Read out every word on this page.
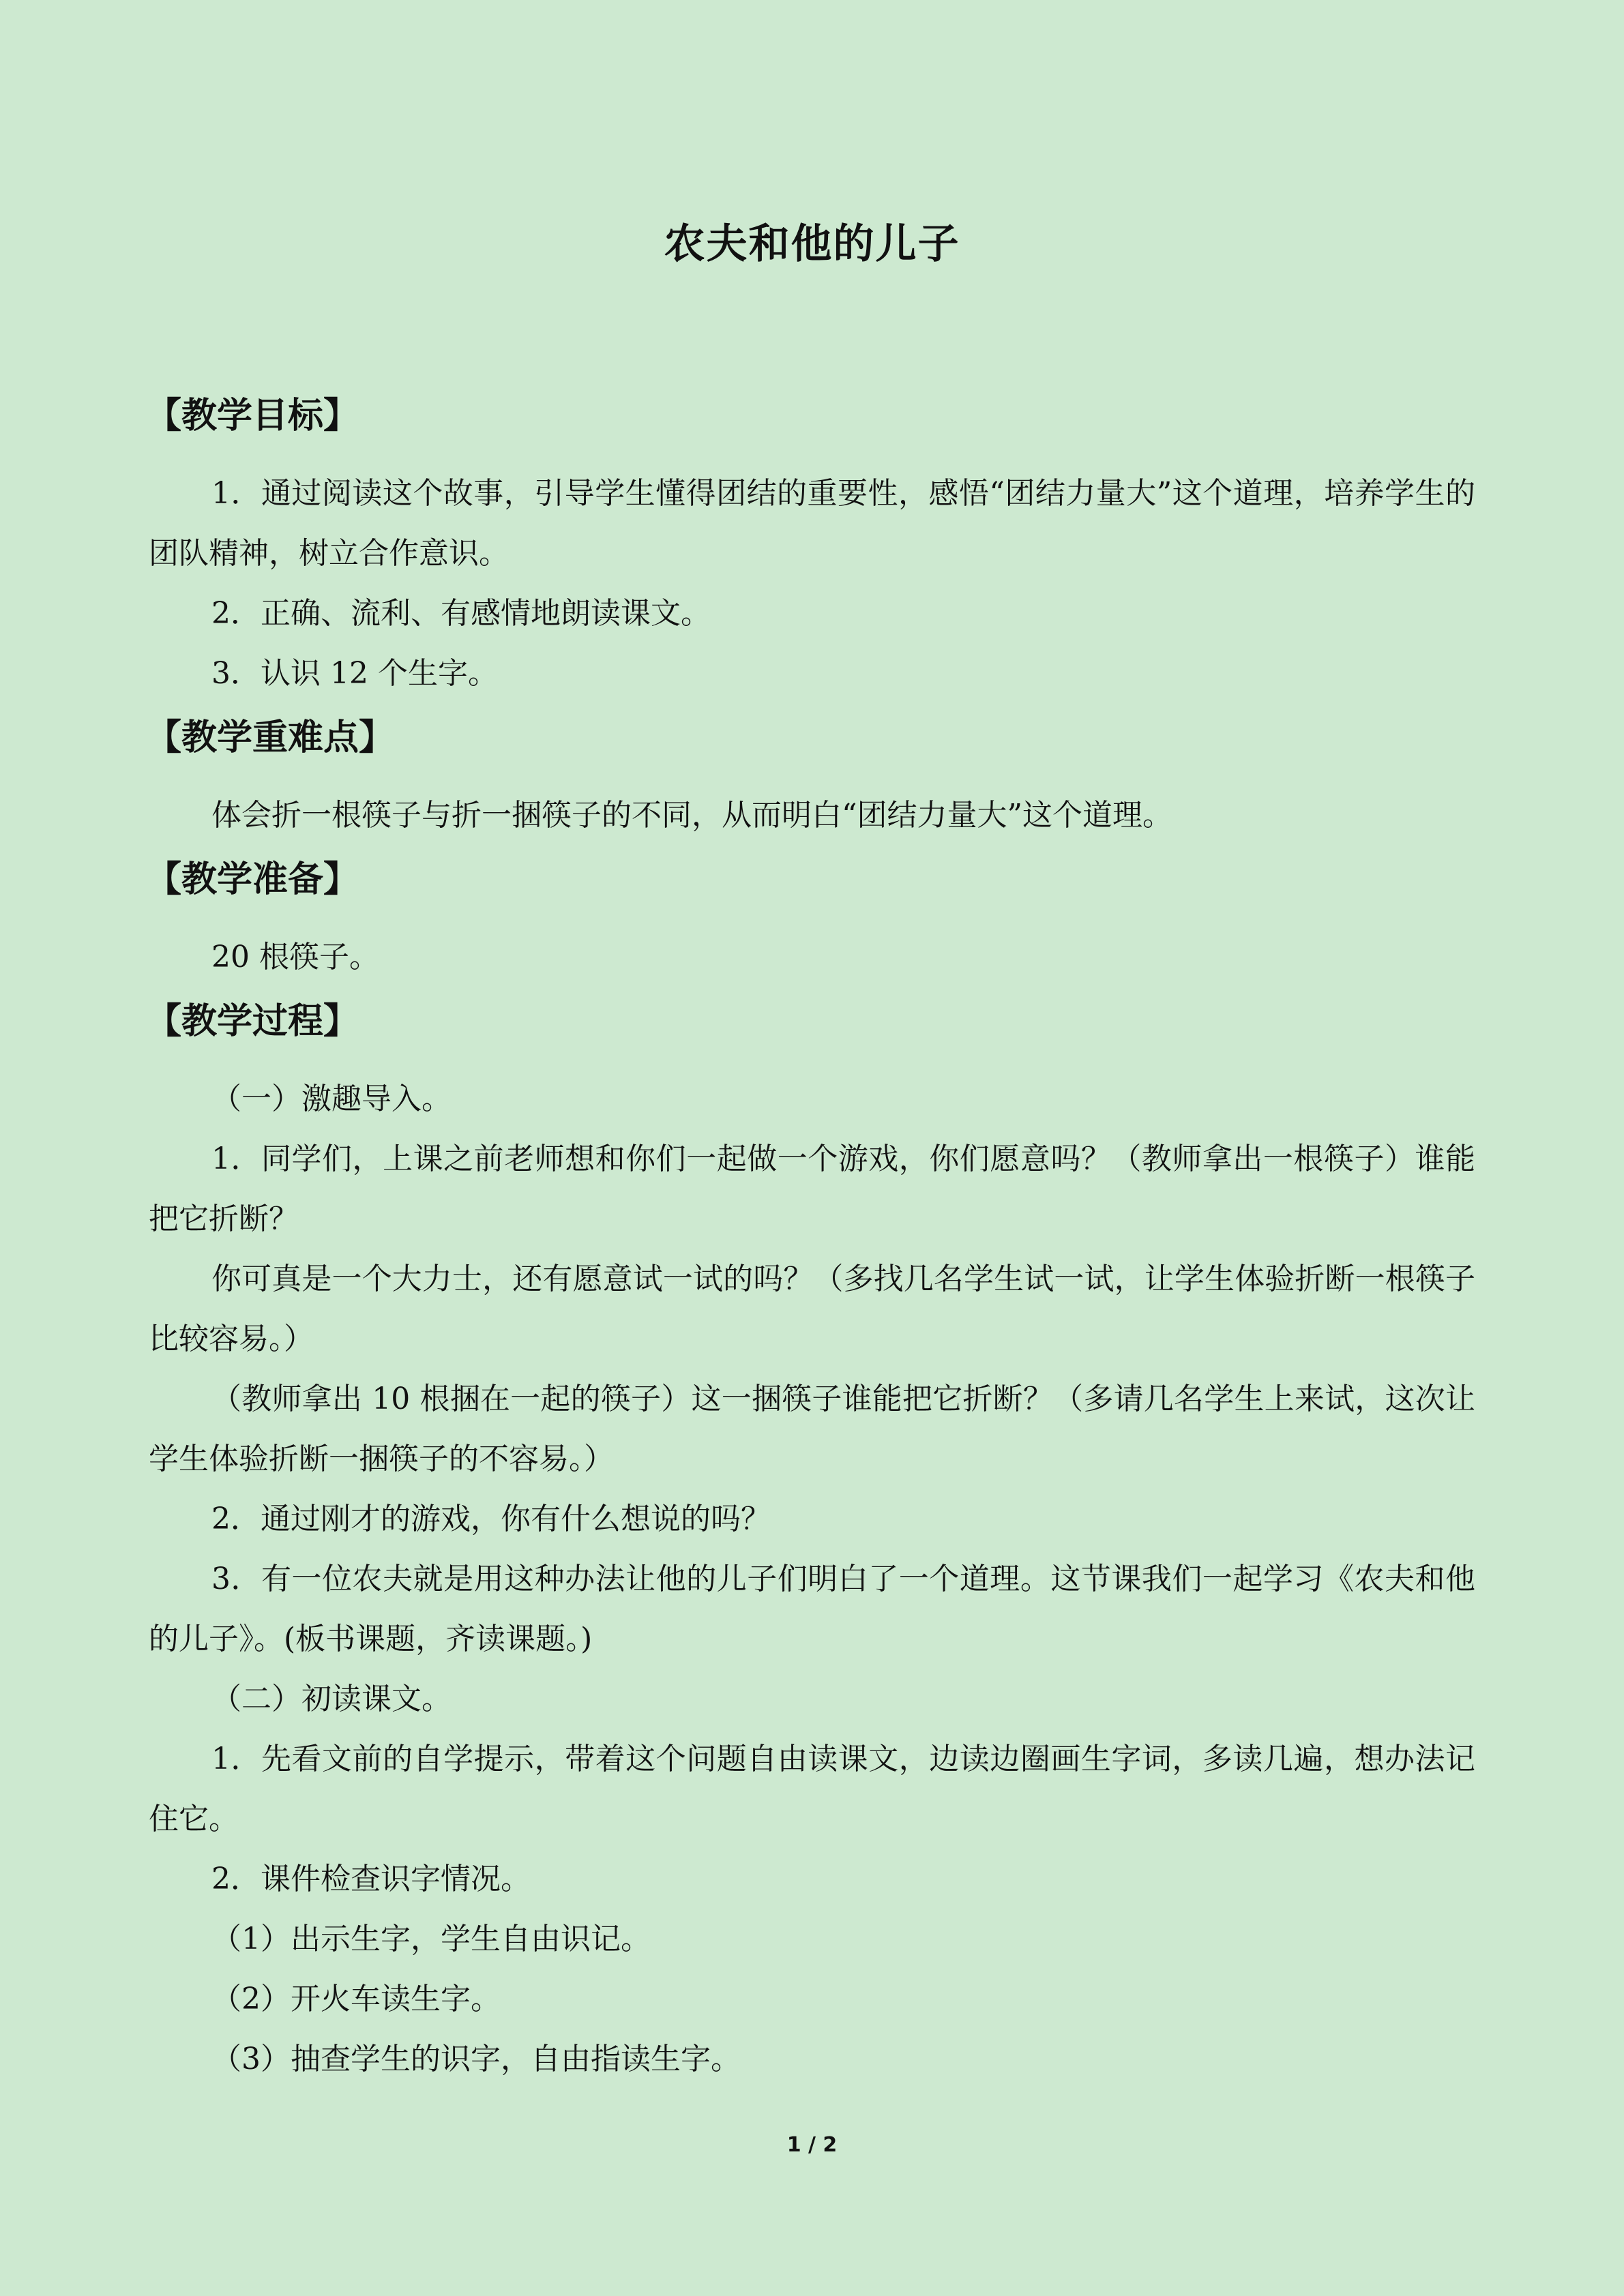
农夫和他的儿子
【教学目标】

1．通过阅读这个故事，引导学生懂得团结的重要性，感悟“团结力量大”这个道理，培养学生的团队精神，树立合作意识。

2．正确、流利、有感情地朗读课文。

3．认识 12 个生字。

【教学重难点】

体会折一根筷子与折一捆筷子的不同，从而明白“团结力量大”这个道理。

【教学准备】

20 根筷子。

【教学过程】

（一）激趣导入。

1．同学们，上课之前老师想和你们一起做一个游戏，你们愿意吗？（教师拿出一根筷子）谁能把它折断？

你可真是一个大力士，还有愿意试一试的吗？（多找几名学生试一试，让学生体验折断一根筷子比较容易。）

（教师拿出 10 根捆在一起的筷子）这一捆筷子谁能把它折断？（多请几名学生上来试，这次让学生体验折断一捆筷子的不容易。）

2．通过刚才的游戏，你有什么想说的吗？

3．有一位农夫就是用这种办法让他的儿子们明白了一个道理。这节课我们一起学习《农夫和他的儿子》。(板书课题，齐读课题。)

（二）初读课文。

1．先看文前的自学提示，带着这个问题自由读课文，边读边圈画生字词，多读几遍，想办法记住它。

2．课件检查识字情况。

（1）出示生字，学生自由识记。

（2）开火车读生字。

（3）抽查学生的识字，自由指读生字。

1 / 2
